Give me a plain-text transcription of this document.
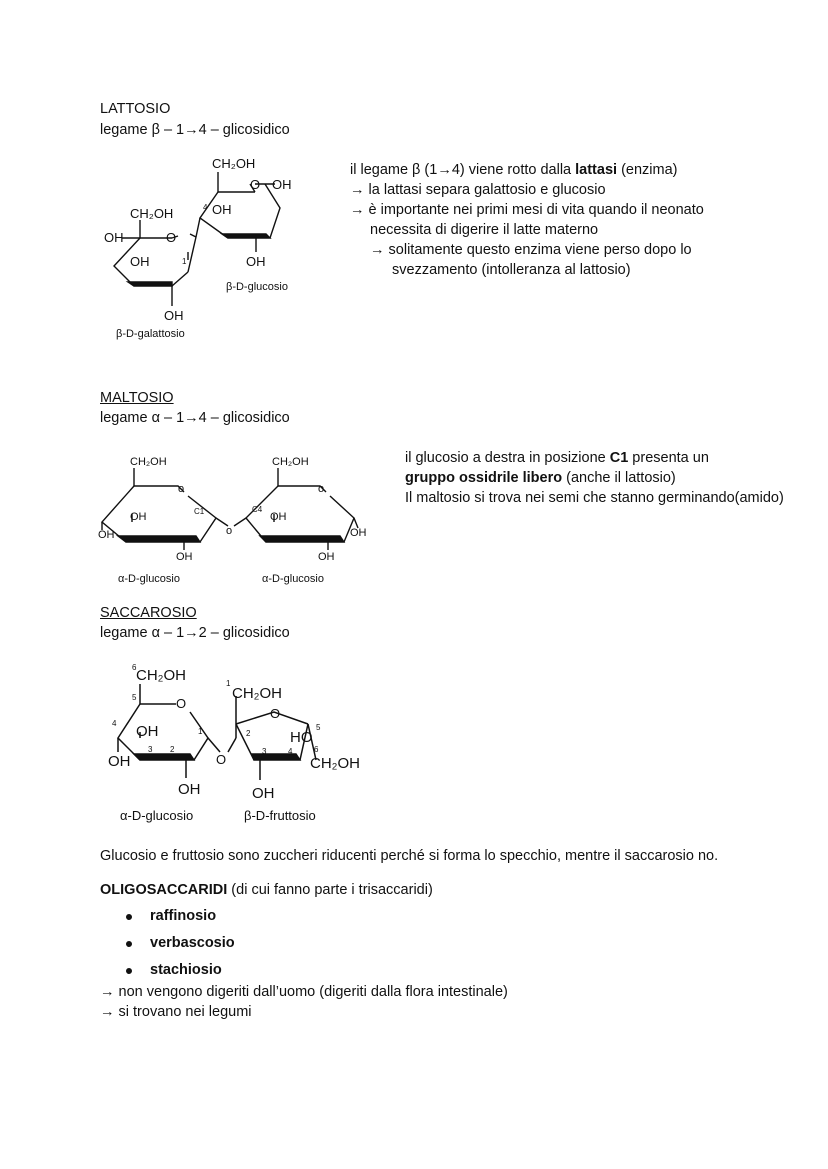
LATTOSIO
legame β – 1→4 – glicosidico
CH₂OH
O OH
4 OH
OH
β-D-glucosio
CH₂OH
OH	O
OH	1
OH
β-D-galattosio
il legame β (1→4) viene rotto dalla lattasi (enzima)
→ la lattasi separa galattosio e glucosio
→ è importante nei primi mesi di vita quando il neonato
necessita di digerire il latte materno
→ solitamente questo enzima viene perso dopo lo
svezzamento (intolleranza al lattosio)
MALTOSIO
legame α – 1→4 – glicosidico
CH₂OH
o
OH	C1
OH
OH
α-D-glucosio
o
CH₂OH
o
C4
OH
OH
OH
α-D-glucosio
il glucosio a destra in posizione C1 presenta un
gruppo ossidrile libero (anche il lattosio)
Il maltosio si trova nei semi che stanno germinando(amido)
SACCAROSIO
legame α – 1→2 – glicosidico
6 CH₂OH
5	O
4 OH	1
3 2
OH	O
OH
α-D-glucosio
1
CH₂OH
O
5
2	HO
6
3	4
CH₂OH
OH
β-D-fruttosio
Glucosio e fruttosio sono zuccheri riducenti perché si forma lo specchio, mentre il saccarosio no.
OLIGOSACCARIDI (di cui fanno parte i trisaccaridi)
raffinosio
verbascosio
stachiosio
→ non vengono digeriti dall’uomo (digeriti dalla flora intestinale)
→ si trovano nei legumi
